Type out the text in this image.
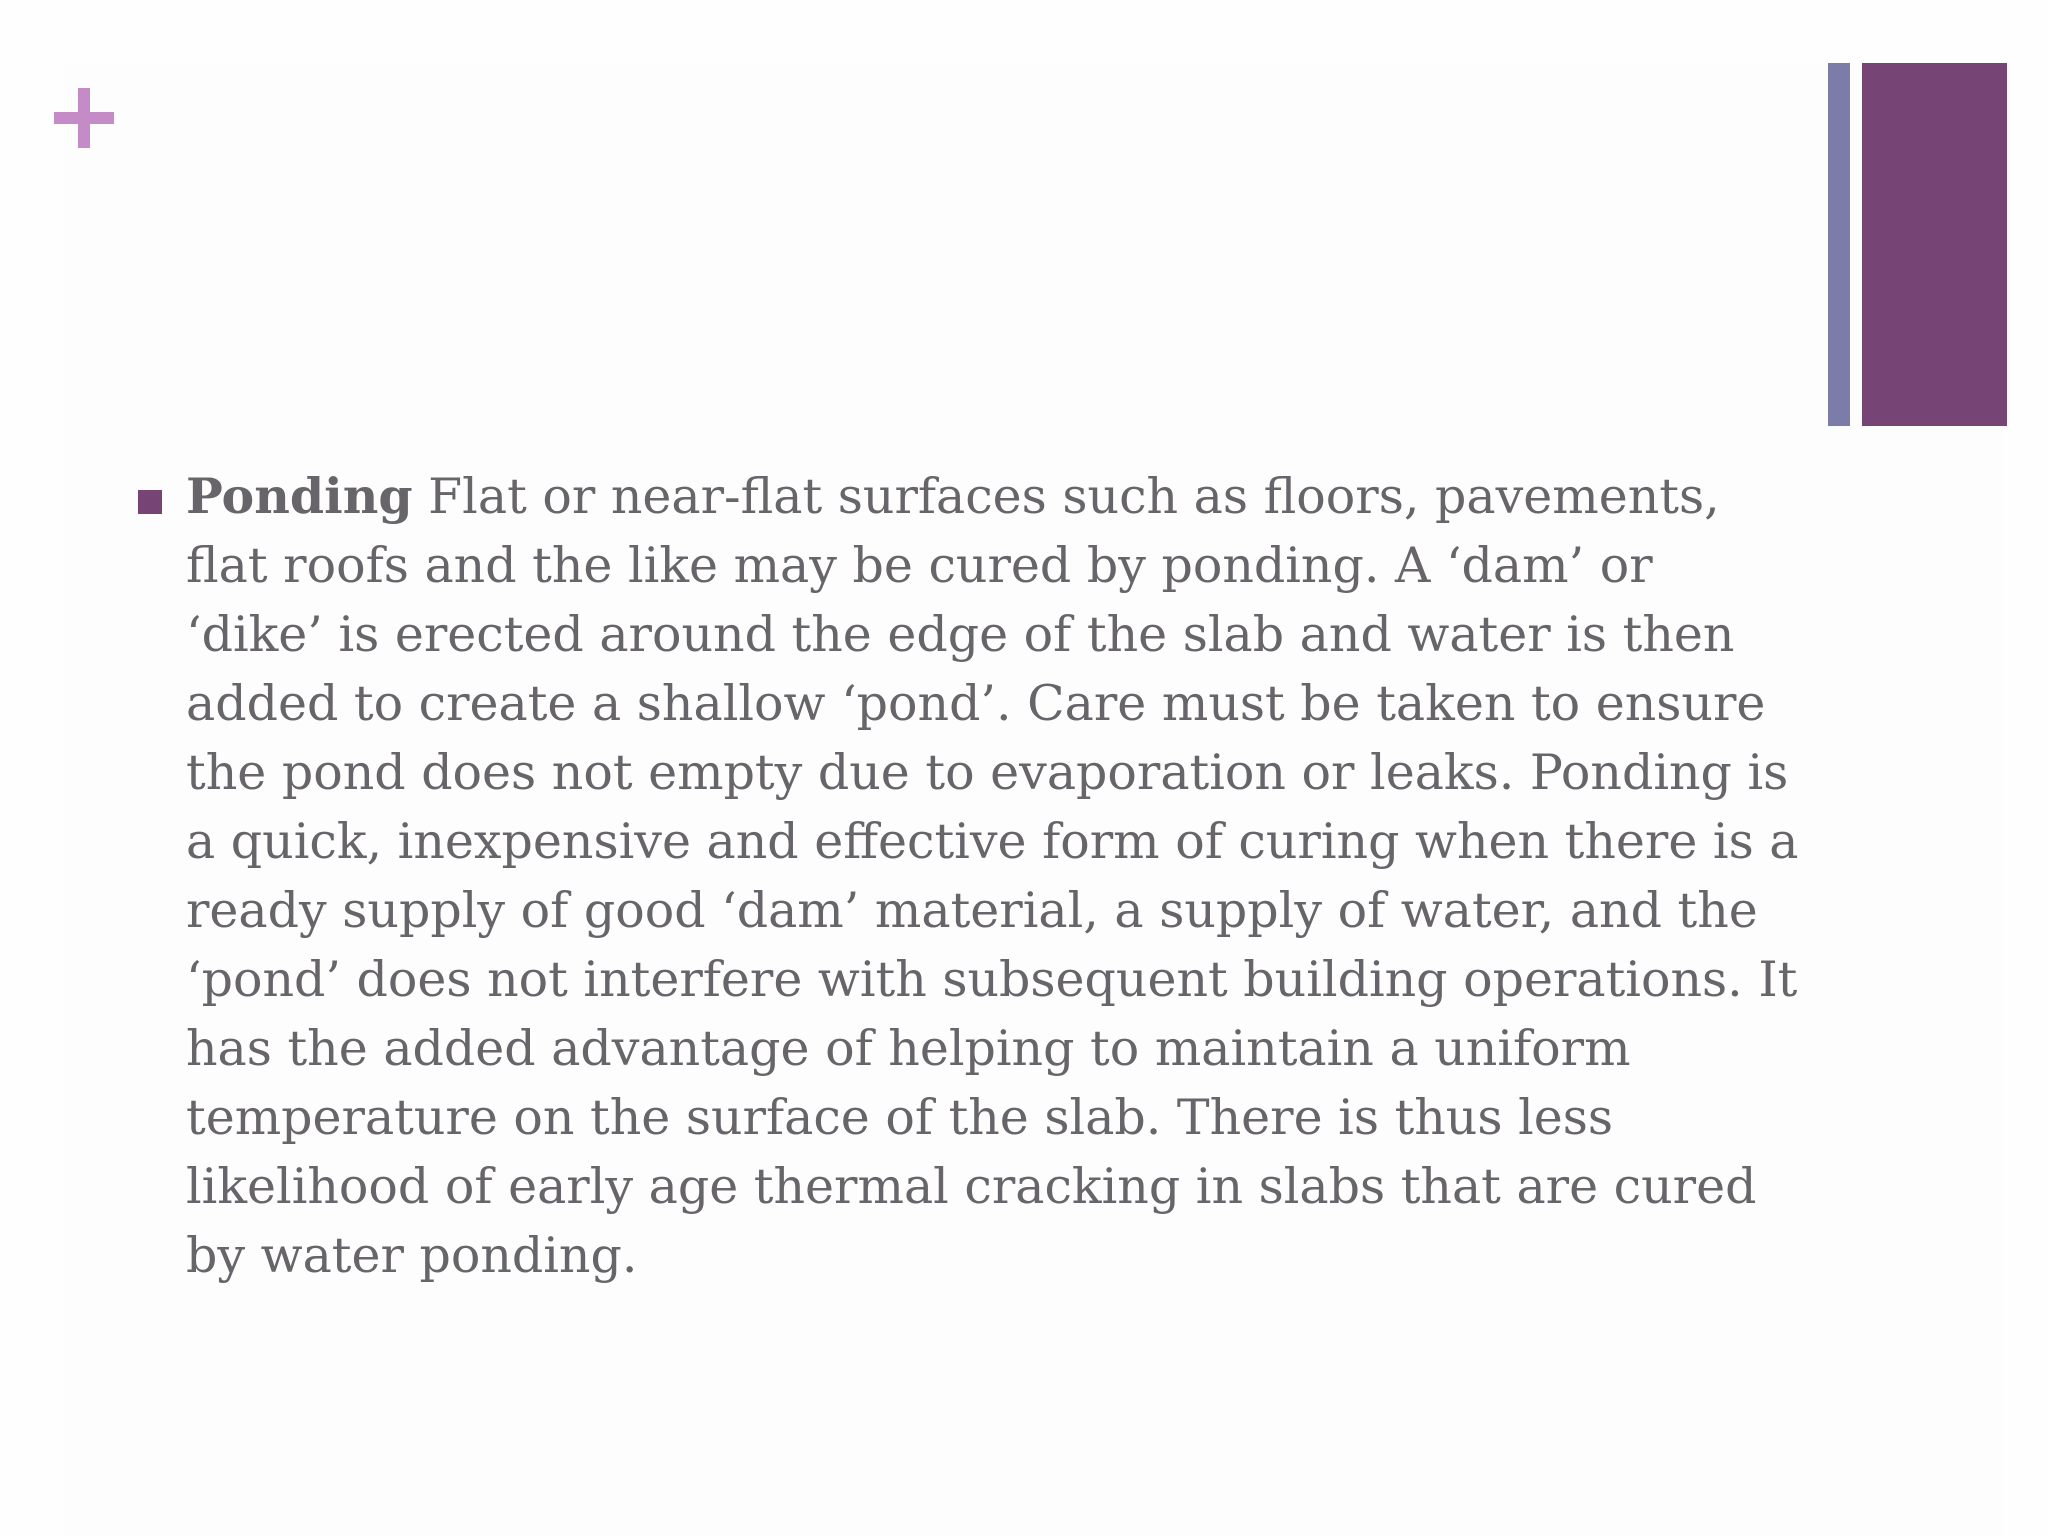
Ponding Flat or near-flat surfaces such as floors, pavements, flat roofs and the like may be cured by ponding. A ‘dam’ or ‘dike’ is erected around the edge of the slab and water is then added to create a shallow ‘pond’. Care must be taken to ensure the pond does not empty due to evaporation or leaks. Ponding is a quick, inexpensive and effective form of curing when there is a ready supply of good ‘dam’ material, a supply of water, and the ‘pond’ does not interfere with subsequent building operations. It has the added advantage of helping to maintain a uniform temperature on the surface of the slab. There is thus less likelihood of early age thermal cracking in slabs that are cured by water ponding.
